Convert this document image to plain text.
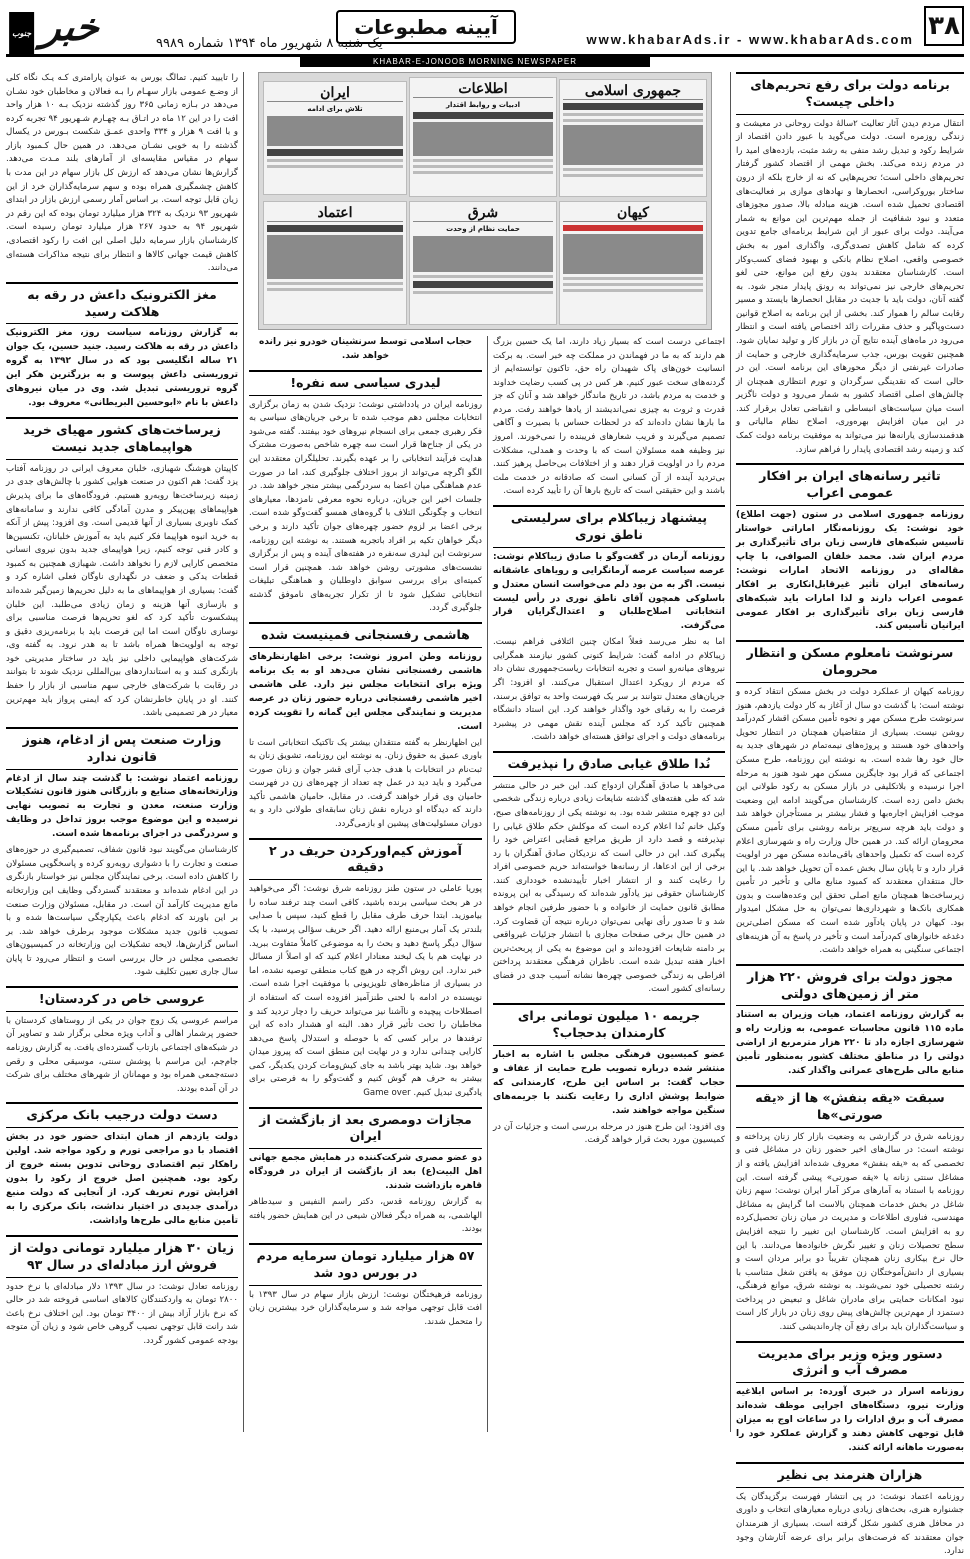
۳۸
www.khabarAds.ir - www.khabarAds.com
آیینه مطبوعات
یک شنبه ۸ شهریور ماه ۱۳۹۴ شماره ۹۹۸۹
خبر
جنوب
KHABAR-E-JONOOB MORNING NEWSPAPER
جمهوری اسلامی
اطلاعات
ادبیات و روابط اقتدار
ایران
تلاش برای ادامه
کیهان
شرق
حمایت نظام از وحدت
اعتماد
برنامه دولت برای رفع تحریم‌های داخلی چیست؟
انتقال مردم دیدن آثار تعالیت ۲سالۀ دولت روحانی در معیشت و زندگی روزمره است. دولت می‌گوید با عبور دادن اقتصاد از شرایط رکود و تبدیل رشد منفی به رشد مثبت، بازده‌های امید را در مردم زنده می‌کند. بخش مهمی از اقتصاد کشور گرفتار تحریم‌های داخلی است؛ تحریم‌هایی که نه از خارج بلکه از درون ساختار بوروکراسی، انحصارها و نهادهای موازی بر فعالیت‌های اقتصادی تحمیل شده است. هزینه مبادله بالا، صدور مجوزهای متعدد و نبود شفافیت از جمله مهم‌ترین این موانع به شمار می‌آیند. دولت برای عبور از این شرایط برنامه‌ای جامع تدوین کرده که شامل کاهش تصدی‌گری، واگذاری امور به بخش خصوصی واقعی، اصلاح نظام بانکی و بهبود فضای کسب‌وکار است. کارشناسان معتقدند بدون رفع این موانع، حتی لغو تحریم‌های خارجی نیز نمی‌تواند به رونق پایدار منجر شود. به گفته آنان، دولت باید با جدیت در مقابل انحصارها بایستد و مسیر رقابت سالم را هموار کند. بخشی از این برنامه به اصلاح قوانین دست‌وپاگیر و حذف مقررات زائد اختصاص یافته است و انتظار می‌رود در ماه‌های آینده نتایج آن در بازار کار و تولید نمایان شود. همچنین تقویت بورس، جذب سرمایه‌گذاری خارجی و حمایت از صادرات غیرنفتی از دیگر محورهای این برنامه است. این در حالی است که نقدینگی سرگردان و تورم انتظاری همچنان از چالش‌های اصلی اقتصاد کشور به شمار می‌رود و دولت ناگزیر است میان سیاست‌های انبساطی و انقباضی تعادل برقرار کند. در این میان افزایش بهره‌وری، اصلاح نظام مالیاتی و هدفمندسازی یارانه‌ها نیز می‌تواند به موفقیت برنامه دولت کمک کند و زمینه رشد اقتصادی پایدار را فراهم سازد.
تاثیر رسانه‌های ایران بر افکار عمومی اعراب
روزنامه جمهوری اسلامی در ستون (جهت اطلاع) خود نوشت: یک روزنامه‌نگار اماراتی خواستار تأسیس شبکه‌های فارسی زبان برای تأثیرگذاری بر مردم ایران شد. محمد خلفان الصوافی، با چاپ مقاله‌ای در روزنامه الاتحاد امارات نوشت: رسانه‌های ایران تأثیر غیرقابل‌انکاری بر افکار عمومی اعراب دارند و لذا امارات باید شبکه‌های فارسی زبان برای تأثیرگذاری بر افکار عمومی ایرانیان تأسیس کند.
سرنوشت نامعلوم مسکن و انتظار محرومان
روزنامه کیهان از عملکرد دولت در بخش مسکن انتقاد کرده و نوشته است: با گذشت دو سال از آغاز به کار دولت یازدهم، هنوز سرنوشت طرح مسکن مهر و نحوه تأمین مسکن اقشار کم‌درآمد روشن نیست. بسیاری از متقاضیان همچنان در انتظار تحویل واحدهای خود هستند و پروژه‌های نیمه‌تمام در شهرهای جدید به حال خود رها شده است. به نوشته این روزنامه، طرح مسکن اجتماعی که قرار بود جایگزین مسکن مهر شود هنوز به مرحله اجرا نرسیده و بلاتکلیفی در بازار مسکن به رکود طولانی این بخش دامن زده است. کارشناسان می‌گویند ادامه این وضعیت موجب افزایش اجاره‌بها و فشار بیشتر بر مستأجران خواهد شد و دولت باید هرچه سریع‌تر برنامه روشنی برای تأمین مسکن محرومان ارائه کند. در همین حال وزارت راه و شهرسازی اعلام کرده است که تکمیل واحدهای باقی‌مانده مسکن مهر در اولویت قرار دارد و تا پایان سال بخش عمده آن تحویل خواهد شد. با این حال منتقدان معتقدند که کمبود منابع مالی و تأخیر در تأمین زیرساخت‌ها همچنان مانع اصلی تحقق این وعده‌هاست و بدون همکاری بانک‌ها و شهرداری‌ها نمی‌توان به حل مشکل امیدوار بود. کیهان در پایان یادآور شده است که مسکن اصلی‌ترین دغدغه خانوارهای کم‌درآمد است و تأخیر در پاسخ به آن هزینه‌های اجتماعی سنگینی به همراه خواهد داشت.
مجوز دولت برای فروش ۲۲۰ هزار متر از زمین‌های دولتی
به گزارش روزنامه اعتماد، هیات وزیران به استناد ماده ۱۱۵ قانون محاسبات عمومی، به وزارت راه و شهرسازی اجازه داد تا ۲۲۰ هزار مترمربع از اراضی دولتی را در مناطق مختلف کشور به‌منظور تأمین منابع مالی طرح‌های عمرانی واگذار کند.
سبقت «یقه بنفش» ها از «یقه صورتی»ها
روزنامه شرق در گزارشی به وضعیت بازار کار زنان پرداخته و نوشته است: در سال‌های اخیر حضور زنان در مشاغل فنی و تخصصی که به «یقه بنفش» معروف شده‌اند افزایش یافته و از مشاغل سنتی زنانه یا «یقه صورتی» پیشی گرفته است. این روزنامه با استناد به آمارهای مرکز آمار ایران نوشت: سهم زنان شاغل در بخش خدمات همچنان بالاست اما گرایش به مشاغل مهندسی، فناوری اطلاعات و مدیریت در میان زنان تحصیل‌کرده رو به افزایش است. کارشناسان این تغییر را نتیجه افزایش سطح تحصیلات زنان و تغییر نگرش خانواده‌ها می‌دانند. با این حال نرخ بیکاری زنان همچنان تقریباً دو برابر مردان است و بسیاری از دانش‌آموختگان زن موفق به یافتن شغل متناسب با رشته تحصیلی خود نمی‌شوند. به نوشته شرق، موانع فرهنگی، نبود امکانات حمایتی برای مادران شاغل و تبعیض در پرداخت دستمزد از مهم‌ترین چالش‌های پیش روی زنان در بازار کار است و سیاست‌گذاران باید برای رفع آن چاره‌اندیشی کنند.
دستور ویژه وزیر برای مدیریت مصرف آب و انرژی
روزنامه اسرار در خبری آورده: بر اساس ابلاغیه وزارت نیرو، دستگاه‌های اجرایی موظف شده‌اند مصرف آب و برق ادارات را در ساعات اوج به میزان قابل توجهی کاهش دهند و گزارش عملکرد خود را به‌صورت ماهانه ارائه کنند.
هزاران هنرمند بی نظیر
روزنامه اعتماد نوشت: در پی انتشار فهرست برگزیدگان یک جشنواره هنری، بحث‌های زیادی درباره معیارهای انتخاب و داوری در محافل هنری کشور شکل گرفته است. بسیاری از هنرمندان جوان معتقدند که فرصت‌های برابر برای عرضه آثارشان وجود ندارد.
اجتماعی درست است که بسیار زیاد دارند، اما یک حسین بزرگ هم دارند که به ما در فهماندن در مملکت چه خبر است. به برکت انسانیت خون‌های پاک شهیدان راه حق، تاکنون توانسته‌ایم از گردنه‌های سخت عبور کنیم. هر کس در پی کسب رضایت خداوند و خدمت به مردم باشد، در تاریخ ماندگار خواهد شد و آنان که جز قدرت و ثروت به چیزی نمی‌اندیشند از یادها خواهند رفت. مردم ما بارها نشان داده‌اند که در لحظات حساس با بصیرت و آگاهی تصمیم می‌گیرند و فریب شعارهای فریبنده را نمی‌خورند. امروز نیز وظیفه همه مسئولان است که با وحدت و همدلی، مشکلات مردم را در اولویت قرار دهند و از اختلافات بی‌حاصل پرهیز کنند. بی‌تردید آینده از آن کسانی است که صادقانه در خدمت ملت باشند و این حقیقتی است که تاریخ بارها آن را تأیید کرده است.
پیشنهاد زیباکلام برای سرلیستی ناطق نوری
روزنامه آرمان در گفت‌وگو با صادق زیباکلام نوشت: عرصه سیاست عرصه آرمانگرایی و رویاهای عاشقانه نیست. اگر به من بود دلم می‌خواست انسان معتدل و باسلوکی همچون آقای ناطق نوری در رأس لیست انتخاباتی اصلاح‌طلبان و اعتدال‌گرایان قرار می‌گرفت.
اما به نظر می‌رسد فعلاً امکان چنین ائتلافی فراهم نیست. زیباکلام در ادامه گفت: شرایط کنونی کشور نیازمند همگرایی نیروهای میانه‌رو است و تجربه انتخابات ریاست‌جمهوری نشان داد که مردم از رویکرد اعتدال استقبال می‌کنند. او افزود: اگر جریان‌های معتدل نتوانند بر سر یک فهرست واحد به توافق برسند، فرصت را به رقبای خود واگذار خواهند کرد. این استاد دانشگاه همچنین تأکید کرد که مجلس آینده نقش مهمی در پیشبرد برنامه‌های دولت و اجرای توافق هسته‌ای خواهد داشت.
نُدا طلاق غیابی صادق را نپذیرفت
می‌خواهد با صادق آهنگران ازدواج کند. این خبر در حالی منتشر شد که طی هفته‌های گذشته شایعات زیادی درباره زندگی شخصی این دو چهره منتشر شده بود. به نوشته یکی از روزنامه‌های صبح، وکیل خانم نُدا اعلام کرده است که موکلش حکم طلاق غیابی را نپذیرفته و قصد دارد از طریق مراجع قضایی اعتراض خود را پیگیری کند. این در حالی است که نزدیکان صادق آهنگران با رد برخی از این ادعاها، از رسانه‌ها خواسته‌اند حریم خصوصی افراد را رعایت کنند و از انتشار اخبار تأییدنشده خودداری کنند. کارشناسان حقوقی نیز یادآور شده‌اند که رسیدگی به این پرونده مطابق قانون حمایت از خانواده و با حضور طرفین انجام خواهد شد و تا صدور رأی نهایی نمی‌توان درباره نتیجه آن قضاوت کرد. در همین حال برخی صفحات مجازی با انتشار جزئیات غیرواقعی بر دامنه شایعات افزوده‌اند و این موضوع به یکی از پربحث‌ترین اخبار هفته تبدیل شده است. ناظران فرهنگی معتقدند پرداختن افراطی به زندگی خصوصی چهره‌ها نشانه آسیب جدی در فضای رسانه‌ای کشور است.
جریمه ۱۰ میلیون تومانی برای کارمندان بدحجاب؟
عضو کمیسیون فرهنگی مجلس با اشاره به اخبار منتشر شده درباره تصویب طرح حمایت از عفاف و حجاب گفت: بر اساس این طرح، کارمندانی که ضوابط پوشش اداری را رعایت نکنند با جریمه‌های سنگین مواجه خواهند شد.
وی افزود: این طرح هنوز در مرحله بررسی است و جزئیات آن در کمیسیون مورد بحث قرار خواهد گرفت.
حجاب اسلامی توسط سرنشینان خودرو نیز رانده خواهد شد.
لیدری سیاسی سه نفره!
روزنامه ایران در یادداشتی نوشت: نزدیک شدن به زمان برگزاری انتخابات مجلس دهم موجب شده تا برخی جریان‌های سیاسی به فکر رهبری جمعی برای انسجام نیروهای خود بیفتند. گفته می‌شود در یکی از جناح‌ها قرار است سه چهره شاخص به‌صورت مشترک هدایت فرآیند انتخاباتی را بر عهده بگیرند. تحلیلگران معتقدند این الگو اگرچه می‌تواند از بروز اختلاف جلوگیری کند، اما در صورت عدم هماهنگی میان اعضا به سردرگمی بیشتر منجر خواهد شد. در جلسات اخیر این جریان، درباره نحوه معرفی نامزدها، معیارهای انتخاب و چگونگی ائتلاف با گروه‌های همسو گفت‌وگو شده است. برخی اعضا بر لزوم حضور چهره‌های جوان تأکید دارند و برخی دیگر خواهان تکیه بر افراد باتجربه هستند. به نوشته این روزنامه، سرنوشت این لیدری سه‌نفره در هفته‌های آینده و پس از برگزاری نشست‌های مشورتی روشن خواهد شد. همچنین قرار است کمیته‌ای برای بررسی سوابق داوطلبان و هماهنگی تبلیغات انتخاباتی تشکیل شود تا از تکرار تجربه‌های ناموفق گذشته جلوگیری گردد.
هاشمی رفسنجانی فمینیست شده
روزنامه وطن امروز نوشت: برخی اظهارنظرهای هاشمی رفسنجانی نشان می‌دهد او به یک برنامه ویژه برای انتخابات مجلس نیز دارد. علی هاشمی اخیر هاشمی رفسنجانی درباره حضور زنان در عرصه مدیریت و نمایندگی مجلس این گمانه را تقویت کرده است.
این اظهارنظر به گفته منتقدان بیشتر یک تاکتیک انتخاباتی است تا باوری عمیق به حقوق زنان. به نوشته این روزنامه، تشویق زنان به ثبت‌نام در انتخابات با هدف جذب آرای قشر جوان و زنان صورت می‌گیرد و باید دید در عمل چه تعداد از چهره‌های زن در فهرست حامیان وی قرار خواهند گرفت. در مقابل، حامیان هاشمی تأکید دارند که دیدگاه او درباره نقش زنان سابقه‌ای طولانی دارد و به دوران مسئولیت‌های پیشین او بازمی‌گردد.
آموزش کیم‌اورکردن حریف در ۲ دقیقه
پوریا عاملی در ستون طنز روزنامه شرق نوشت: اگر می‌خواهید در هر بحث سیاسی برنده باشید، کافی است چند ترفند ساده را بیاموزید. ابتدا حرف طرف مقابل را قطع کنید، سپس با صدایی بلندتر یک آمار بی‌منبع ارائه دهید. اگر حریف سؤالی پرسید، با یک سؤال دیگر پاسخ دهید و بحث را به موضوعی کاملاً متفاوت ببرید. در نهایت هم با یک لبخند معنادار اعلام کنید که او اصلاً از مسائل خبر ندارد. این روش اگرچه در هیچ کتاب منطقی توصیه نشده، اما در بسیاری از مناظره‌های تلویزیونی با موفقیت اجرا شده است. نویسنده در ادامه با لحنی طنزآمیز افزوده است که استفاده از اصطلاحات پیچیده و ناآشنا نیز می‌تواند حریف را دچار تردید کند و مخاطبان را تحت تأثیر قرار دهد. البته او هشدار داده که این ترفندها در برابر کسی که با حوصله و استدلال پاسخ می‌دهد کارایی چندانی ندارد و در نهایت این منطق است که پیروز میدان خواهد بود. شاید بهتر باشد به جای کیش‌ومات کردن یکدیگر، کمی بیشتر به حرف هم گوش کنیم و گفت‌وگو را به فرصتی برای یادگیری تبدیل کنیم. Game over
مجازات دومصری بعد از بازگشت از ایران
دو عضو مصری شرکت‌کننده در همایش مجمع جهانی اهل البیت(ع) بعد از بازگشت از ایران در فرودگاه قاهره بازداشت شدند.
به گزارش روزنامه قدس، دکتر راسم النفیس و سیدطاهر الهاشمی، به همراه دیگر فعالان شیعی در این همایش حضور یافته بودند.
۵۷ هزار میلیارد تومان سرمایه مردم در بورس دود شد
روزنامه فرهیختگان نوشت: ارزش بازار سهام در سال ۱۳۹۳ با افت قابل توجهی مواجه شد و سرمایه‌گذاران خرد بیشترین زیان را متحمل شدند.
را تاییید کنیم. تمالگ بورس به عنوان پارامتری کـه یـک نگاه کلی از وضـع عمومی بازار سهـام را بـه فعالان و مخاطبان خود نشـان می‌دهد در بـازه زمانی ۳۶۵ روز گذشته نزدیک بـه ۱۰ هزار واحد افت را در این ۱۲ ماه در اتـاق بـه چهـارم شـهریور ۹۴ تجربه کرده و با افت ۹ هزار و ۳۳۴ واحدی عمـق شکست بـورس در یکسال گذشته را به خوبی نشـان می‌دهد. در همین حال کـمبود بازار سهام در مقیاس مقایسه‌ای از آمارهای بلند مـدت می‌دهد. گزارش‌ها نشان می‌دهد که ارزش کل بازار سهام در این مدت با کاهش چشمگیری همراه بوده و سهم سرمایه‌گذاران خرد از این زیان قابل توجه است. بر اساس آمار رسمی ارزش بازار در ابتدای شهریور ۹۳ نزدیک به ۳۲۴ هزار میلیارد تومان بوده که این رقم در شهریور ۹۴ به حدود ۲۶۷ هزار میلیارد تومان رسیده است. کارشناسان بازار سرمایه دلیل اصلی این افت را رکود اقتصادی، کاهش قیمت جهانی کالاها و انتظار برای نتیجه مذاکرات هسته‌ای می‌دانند.
مغز الکترونیک داعش در رقه به هلاکت رسید
به گزارش روزنامه سیاست روز، مغز الکترونیک داعش در رقه به هلاکت رسید. جنید حسین، یک جوان ۲۱ ساله انگلیسی بود که در سال ۱۳۹۲ به گروه تروریستی داعش پیوست و به بزرگترین هکر این گروه تروریستی تبدیل شد. وی در میان نیروهای داعش با نام «ابوحسین البریطانی» معروف بود.
زیرساخت‌های کشور مهیای خرید هواپیماهای جدید نیست
کاپیتان هوشنگ شهبازی، خلبان معروف ایرانی در روزنامه آفتاب یزد گفت: هم اکنون در صنعت هوایی کشور با چالش‌های جدی در زمینه زیرساخت‌ها روبه‌رو هستیم. فرودگاه‌های ما برای پذیرش هواپیماهای پهن‌پیکر و مدرن آمادگی کافی ندارند و سامانه‌های کمک ناوبری بسیاری از آنها قدیمی است. وی افزود: پیش از آنکه به خرید انبوه هواپیما فکر کنیم باید به آموزش خلبانان، تکنسین‌ها و کادر فنی توجه کنیم، زیرا هواپیمای جدید بدون نیروی انسانی متخصص کارایی لازم را نخواهد داشت. شهبازی همچنین به کمبود قطعات یدکی و ضعف در نگهداری ناوگان فعلی اشاره کرد و گفت: بسیاری از هواپیماهای ما به دلیل تحریم‌ها زمین‌گیر شده‌اند و بازسازی آنها هزینه و زمان زیادی می‌طلبد. این خلبان پیشکسوت تأکید کرد که لغو تحریم‌ها فرصت مناسبی برای نوسازی ناوگان است اما این فرصت باید با برنامه‌ریزی دقیق و توجه به اولویت‌ها همراه باشد تا به هدر نرود. به گفته وی، شرکت‌های هواپیمایی داخلی نیز باید در ساختار مدیریتی خود بازنگری کنند و به استانداردهای بین‌المللی نزدیک شوند تا بتوانند در رقابت با شرکت‌های خارجی سهم مناسبی از بازار را حفظ کنند. او در پایان خاطرنشان کرد که ایمنی پرواز باید مهم‌ترین معیار در هر تصمیمی باشد.
وزارت صنعت پس از ادغام، هنوز قانون ندارد
روزنامه اعتماد نوشت: با گذشت چند سال از ادغام وزارتخانه‌های صنایع و بازرگانی هنوز قانون تشکیلات وزارت صنعت، معدن و تجارت به تصویب نهایی نرسیده و این موضوع موجب بروز تداخل در وظایف و سردرگمی در اجرای برنامه‌ها شده است.
کارشناسان می‌گویند نبود قانون شفاف، تصمیم‌گیری در حوزه‌های صنعت و تجارت را با دشواری روبه‌رو کرده و پاسخگویی مسئولان را کاهش داده است. برخی نمایندگان مجلس نیز خواستار بازنگری در این ادغام شده‌اند و معتقدند گستردگی وظایف این وزارتخانه مانع مدیریت کارآمد آن است. در مقابل، مسئولان وزارت صنعت بر این باورند که ادغام باعث یکپارچگی سیاست‌ها شده و با تصویب قانون جدید مشکلات موجود برطرف خواهد شد. بر اساس گزارش‌ها، لایحه تشکیلات این وزارتخانه در کمیسیون‌های تخصصی مجلس در حال بررسی است و انتظار می‌رود تا پایان سال جاری تعیین تکلیف شود.
عروسی خاص در کردستان!
مراسم عروسی یک زوج جوان در یکی از روستاهای کردستان با حضور پرشمار اهالی و آداب ویژه محلی برگزار شد و تصاویر آن در شبکه‌های اجتماعی بازتاب گسترده‌ای یافت. به گزارش روزنامه جام‌جم، این مراسم با پوشش سنتی، موسیقی محلی و رقص دسته‌جمعی همراه بود و مهمانان از شهرهای مختلف برای شرکت در آن آمده بودند.
دست دولت درجیب بانک مرکزی
دولت یازدهم از همان ابتدای حضور خود در بخش اقتصاد با دو مراجعی تورم و رکود مواجه شد. اولین راهکار تیم اقتصادی روحانی تدوین بسته خروج از رکود بود. همچنین اصل خروج از رکود را بدون افزایش تورم تعریف کرد. از آنجایی که دولت منبع درآمدی جدیدی در اختیار نداشت، بانک مرکزی را به تأمین منابع مالی طرح‌ها واداشت.
زیان ۳۰ هزار میلیارد تومانی دولت از فروش ارز مبادله‌ای در سال ۹۳
روزنامه تعادل نوشت: در سال ۱۳۹۳ دلار مبادله‌ای با نرخ حدود ۲۸۰۰ تومان به واردکنندگان کالاهای اساسی فروخته شد در حالی که نرخ بازار آزاد بیش از ۳۴۰۰ تومان بود. این اختلاف نرخ باعث شد رانت قابل توجهی نصیب گروهی خاص شود و زیان آن متوجه بودجه عمومی کشور گردد.
